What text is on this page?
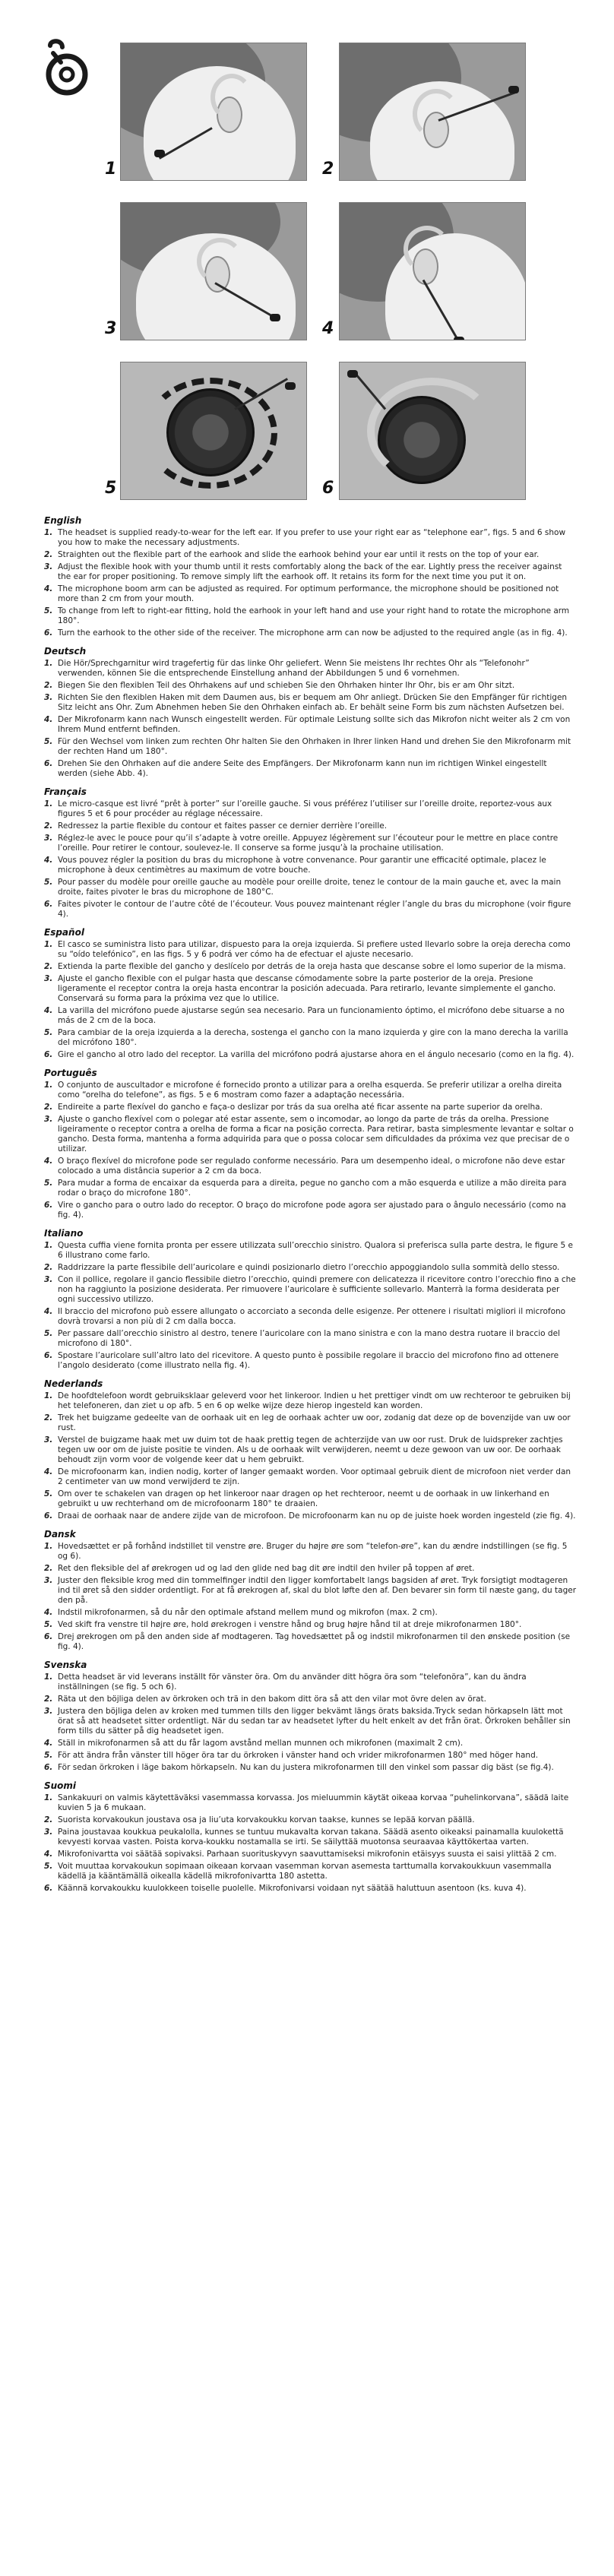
1	2
3	4
5	6
English
1. The headset is supplied ready-to-wear for the left ear. If you prefer to use your right ear as “telephone ear”, figs. 5 and 6 show you how to make the necessary adjustments.
2. Straighten out the flexible part of the earhook and slide the earhook behind your ear until it rests on the top of your ear.
3. Adjust the flexible hook with your thumb until it rests comfortably along the back of the ear. Lightly press the receiver against the ear for proper positioning. To remove simply lift the earhook off. It retains its form for the next time you put it on.
4. The microphone boom arm can be adjusted as required. For optimum performance, the microphone should be positioned not more than 2 cm from your mouth.
5. To change from left to right-ear fitting, hold the earhook in your left hand and use your right hand to rotate the microphone arm 180°.
6. Turn the earhook to the other side of the receiver. The microphone arm can now be adjusted to the required angle (as in fig. 4).
Deutsch
1. Die Hör/Sprechgarnitur wird tragefertig für das linke Ohr geliefert. Wenn Sie meistens Ihr rechtes Ohr als “Telefonohr” verwenden, können Sie die entsprechende Einstellung anhand der Abbildungen 5 und 6 vornehmen.
2. Biegen Sie den flexiblen Teil des Ohrhakens auf und schieben Sie den Ohrhaken hinter Ihr Ohr, bis er am Ohr sitzt.
3. Richten Sie den flexiblen Haken mit dem Daumen aus, bis er bequem am Ohr anliegt. Drücken Sie den Empfänger für richtigen Sitz leicht ans Ohr. Zum Abnehmen heben Sie den Ohrhaken einfach ab. Er behält seine Form bis zum nächsten Aufsetzen bei.
4. Der Mikrofonarm kann nach Wunsch eingestellt werden. Für optimale Leistung sollte sich das Mikrofon nicht weiter als 2 cm von Ihrem Mund entfernt befinden.
5. Für den Wechsel vom linken zum rechten Ohr halten Sie den Ohrhaken in Ihrer linken Hand und drehen Sie den Mikrofonarm mit der rechten Hand um 180°.
6. Drehen Sie den Ohrhaken auf die andere Seite des Empfängers. Der Mikrofonarm kann nun im richtigen Winkel eingestellt werden (siehe Abb. 4).
Français
1. Le micro-casque est livré “prêt à porter” sur l’oreille gauche. Si vous préférez l’utiliser sur l’oreille droite, reportez-vous aux figures 5 et 6 pour procéder au réglage nécessaire.
2. Redressez la partie flexible du contour et faites passer ce dernier derrière l’oreille.
3. Réglez-le avec le pouce pour qu’il s’adapte à votre oreille. Appuyez légèrement sur l’écouteur pour le mettre en place contre l’oreille. Pour retirer le contour, soulevez-le. Il conserve sa forme jusqu’à la prochaine utilisation.
4. Vous pouvez régler la position du bras du microphone à votre convenance. Pour garantir une efficacité optimale, placez le microphone à deux centimètres au maximum de votre bouche.
5. Pour passer du modèle pour oreille gauche au modèle pour oreille droite, tenez le contour de la main gauche et, avec la main droite, faites pivoter le bras du microphone de 180°C.
6. Faites pivoter le contour de l’autre côté de l’écouteur. Vous pouvez maintenant régler l’angle du bras du microphone (voir figure 4).
Español
1. El casco se suministra listo para utilizar, dispuesto para la oreja izquierda. Si prefiere usted llevarlo sobre la oreja derecha como su “oído telefónico”, en las figs. 5 y 6 podrá ver cómo ha de efectuar el ajuste necesario.
2. Extienda la parte flexible del gancho y deslícelo por detrás de la oreja hasta que descanse sobre el lomo superior de la misma.
3. Ajuste el gancho flexible con el pulgar hasta que descanse cómodamente sobre la parte posterior de la oreja. Presione ligeramente el receptor contra la oreja hasta encontrar la posición adecuada. Para retirarlo, levante simplemente el gancho. Conservará su forma para la próxima vez que lo utilice.
4. La varilla del micrófono puede ajustarse según sea necesario. Para un funcionamiento óptimo, el micrófono debe situarse a no más de 2 cm de la boca.
5. Para cambiar de la oreja izquierda a la derecha, sostenga el gancho con la mano izquierda y gire con la mano derecha la varilla del micrófono 180°.
6. Gire el gancho al otro lado del receptor. La varilla del micrófono podrá ajustarse ahora en el ángulo necesario (como en la fig. 4).
Português
1. O conjunto de auscultador e microfone é fornecido pronto a utilizar para a orelha esquerda. Se preferir utilizar a orelha direita como “orelha do telefone”, as figs. 5 e 6 mostram como fazer a adaptação necessária.
2. Endireite a parte flexível do gancho e faça-o deslizar por trás da sua orelha até ficar assente na parte superior da orelha.
3. Ajuste o gancho flexível com o polegar até estar assente, sem o incomodar, ao longo da parte de trás da orelha. Pressione ligeiramente o receptor contra a orelha de forma a ficar na posição correcta. Para retirar, basta simplesmente levantar e soltar o gancho. Desta forma, mantenha a forma adquirida para que o possa colocar sem dificuldades da próxima vez que precisar de o utilizar.
4. O braço flexível do microfone pode ser regulado conforme necessário. Para um desempenho ideal, o microfone não deve estar colocado a uma distância superior a 2 cm da boca.
5. Para mudar a forma de encaixar da esquerda para a direita, pegue no gancho com a mão esquerda e utilize a mão direita para rodar o braço do microfone 180°.
6. Vire o gancho para o outro lado do receptor. O braço do microfone pode agora ser ajustado para o ângulo necessário (como na fig. 4).
Italiano
1. Questa cuffia viene fornita pronta per essere utilizzata sull’orecchio sinistro. Qualora si preferisca sulla parte destra, le figure 5 e 6 illustrano come farlo.
2. Raddrizzare la parte flessibile dell’auricolare e quindi posizionarlo dietro l’orecchio appoggiandolo sulla sommità dello stesso.
3. Con il pollice, regolare il gancio flessibile dietro l’orecchio, quindi premere con delicatezza il ricevitore contro l’orecchio fino a che non ha raggiunto la posizione desiderata. Per rimuovere l’auricolare è sufficiente sollevarlo. Manterrà la forma desiderata per ogni successivo utilizzo.
4. Il braccio del microfono può essere allungato o accorciato a seconda delle esigenze. Per ottenere i risultati migliori il microfono dovrà trovarsi a non più di 2 cm dalla bocca.
5. Per passare dall’orecchio sinistro al destro, tenere l’auricolare con la mano sinistra e con la mano destra ruotare il braccio del microfono di 180°.
6. Spostare l’auricolare sull’altro lato del ricevitore. A questo punto è possibile regolare il braccio del microfono fino ad ottenere l’angolo desiderato (come illustrato nella fig. 4).
Nederlands
1. De hoofdtelefoon wordt gebruiksklaar geleverd voor het linkeroor. Indien u het prettiger vindt om uw rechteroor te gebruiken bij het telefoneren, dan ziet u op afb. 5 en 6 op welke wijze deze hierop ingesteld kan worden.
2. Trek het buigzame gedeelte van de oorhaak uit en leg de oorhaak achter uw oor, zodanig dat deze op de bovenzijde van uw oor rust.
3. Verstel de buigzame haak met uw duim tot de haak prettig tegen de achterzijde van uw oor rust. Druk de luidspreker zachtjes tegen uw oor om de juiste positie te vinden. Als u de oorhaak wilt verwijderen, neemt u deze gewoon van uw oor. De oorhaak behoudt zijn vorm voor de volgende keer dat u hem gebruikt.
4. De microfoonarm kan, indien nodig, korter of langer gemaakt worden. Voor optimaal gebruik dient de microfoon niet verder dan 2 centimeter van uw mond verwijderd te zijn.
5. Om over te schakelen van dragen op het linkeroor naar dragen op het rechteroor, neemt u de oorhaak in uw linkerhand en gebruikt u uw rechterhand om de microfoonarm 180° te draaien.
6. Draai de oorhaak naar de andere zijde van de microfoon. De microfoonarm kan nu op de juiste hoek worden ingesteld (zie fig. 4).
Dansk
1. Hovedsættet er på forhånd indstillet til venstre øre. Bruger du højre øre som “telefon-øre”, kan du ændre indstillingen (se fig. 5 og 6).
2. Ret den fleksible del af ørekrogen ud og lad den glide ned bag dit øre indtil den hviler på toppen af øret.
3. Juster den fleksible krog med din tommelfinger indtil den ligger komfortabelt langs bagsiden af øret. Tryk forsigtigt modtageren ind til øret så den sidder ordentligt. For at få ørekrogen af, skal du blot løfte den af. Den bevarer sin form til næste gang, du tager den på.
4. Indstil mikrofonarmen, så du når den optimale afstand mellem mund og mikrofon (max. 2 cm).
5. Ved skift fra venstre til højre øre, hold ørekrogen i venstre hånd og brug højre hånd til at dreje mikrofonarmen 180°.
6. Drej ørekrogen om på den anden side af modtageren. Tag hovedsættet på og indstil mikrofonarmen til den ønskede position (se fig. 4).
Svenska
1. Detta headset är vid leverans inställt för vänster öra. Om du använder ditt högra öra som “telefonöra”, kan du ändra inställningen (se fig. 5 och 6).
2. Räta ut den böjliga delen av örkroken och trä in den bakom ditt öra så att den vilar mot övre delen av örat.
3. Justera den böjliga delen av kroken med tummen tills den ligger bekvämt längs örats baksida.Tryck sedan hörkapseln lätt mot örat så att headsetet sitter ordentligt. När du sedan tar av headsetet lyfter du helt enkelt av det från örat. Örkroken behåller sin form tills du sätter på dig headsetet igen.
4. Ställ in mikrofonarmen så att du får lagom avstånd mellan munnen och mikrofonen (maximalt 2 cm).
5. För att ändra från vänster till höger öra tar du örkroken i vänster hand och vrider mikrofonarmen 180° med höger hand.
6. För sedan örkroken i läge bakom hörkapseln. Nu kan du justera mikrofonarmen till den vinkel som passar dig bäst (se fig.4).
Suomi
1. Sankakuuri on valmis käytettäväksi vasemmassa korvassa. Jos mieluummin käytät oikeaa korvaa “puhelinkorvana”, säädä laite kuvien 5 ja 6 mukaan.
2. Suorista korvakoukun joustava osa ja liu’uta korvakoukku korvan taakse, kunnes se lepää korvan päällä.
3. Paina joustavaa koukkua peukalolla, kunnes se tuntuu mukavalta korvan takana. Säädä asento oikeaksi painamalla kuulokettä kevyesti korvaa vasten. Poista korva-koukku nostamalla se irti. Se säilyttää muotonsa seuraavaa käyttökertaa varten.
4. Mikrofonivartta voi säätää sopivaksi. Parhaan suorituskyvyn saavuttamiseksi mikrofonin etäisyys suusta ei saisi ylittää 2 cm.
5. Voit muuttaa korvakoukun sopimaan oikeaan korvaan vasemman korvan asemesta tarttumalla korvakoukkuun vasemmalla kädellä ja kääntämällä oikealla kädellä mikrofonivartta 180 astetta.
6. Käännä korvakoukku kuulokkeen toiselle puolelle. Mikrofonivarsi voidaan nyt säätää haluttuun asentoon (ks. kuva 4).
